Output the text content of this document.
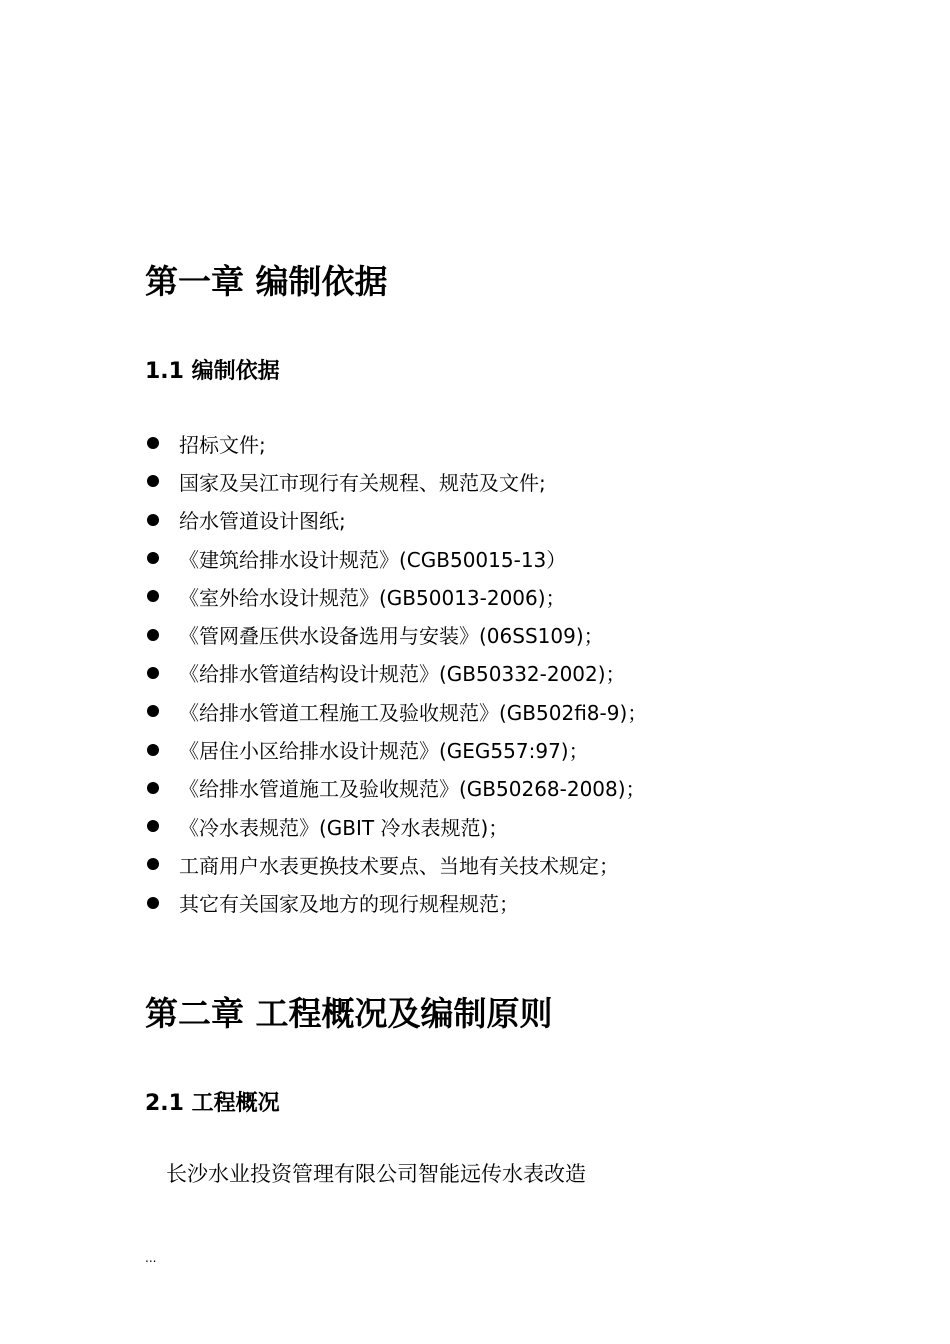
第一章 编制依据
1.1 编制依据
招标文件;
国家及吴江市现行有关规程、规范及文件;
给水管道设计图纸;
《建筑给排水设计规范》(CGB50015-13）
《室外给水设计规范》(GB50013-2006)；
《管网叠压供水设备选用与安装》(06SS109)；
《给排水管道结构设计规范》(GB50332-2002)；
《给排水管道工程施工及验收规范》(GB502fi8-9)；
《居住小区给排水设计规范》(GEG557:97)；
《给排水管道施工及验收规范》(GB50268-2008)；
《冷水表规范》(GBIT 冷水表规范)；
工商用户水表更换技术要点、当地有关技术规定；
其它有关国家及地方的现行规程规范；
第二章 工程概况及编制原则
2.1 工程概况

长沙水业投资管理有限公司智能远传水表改造

...
